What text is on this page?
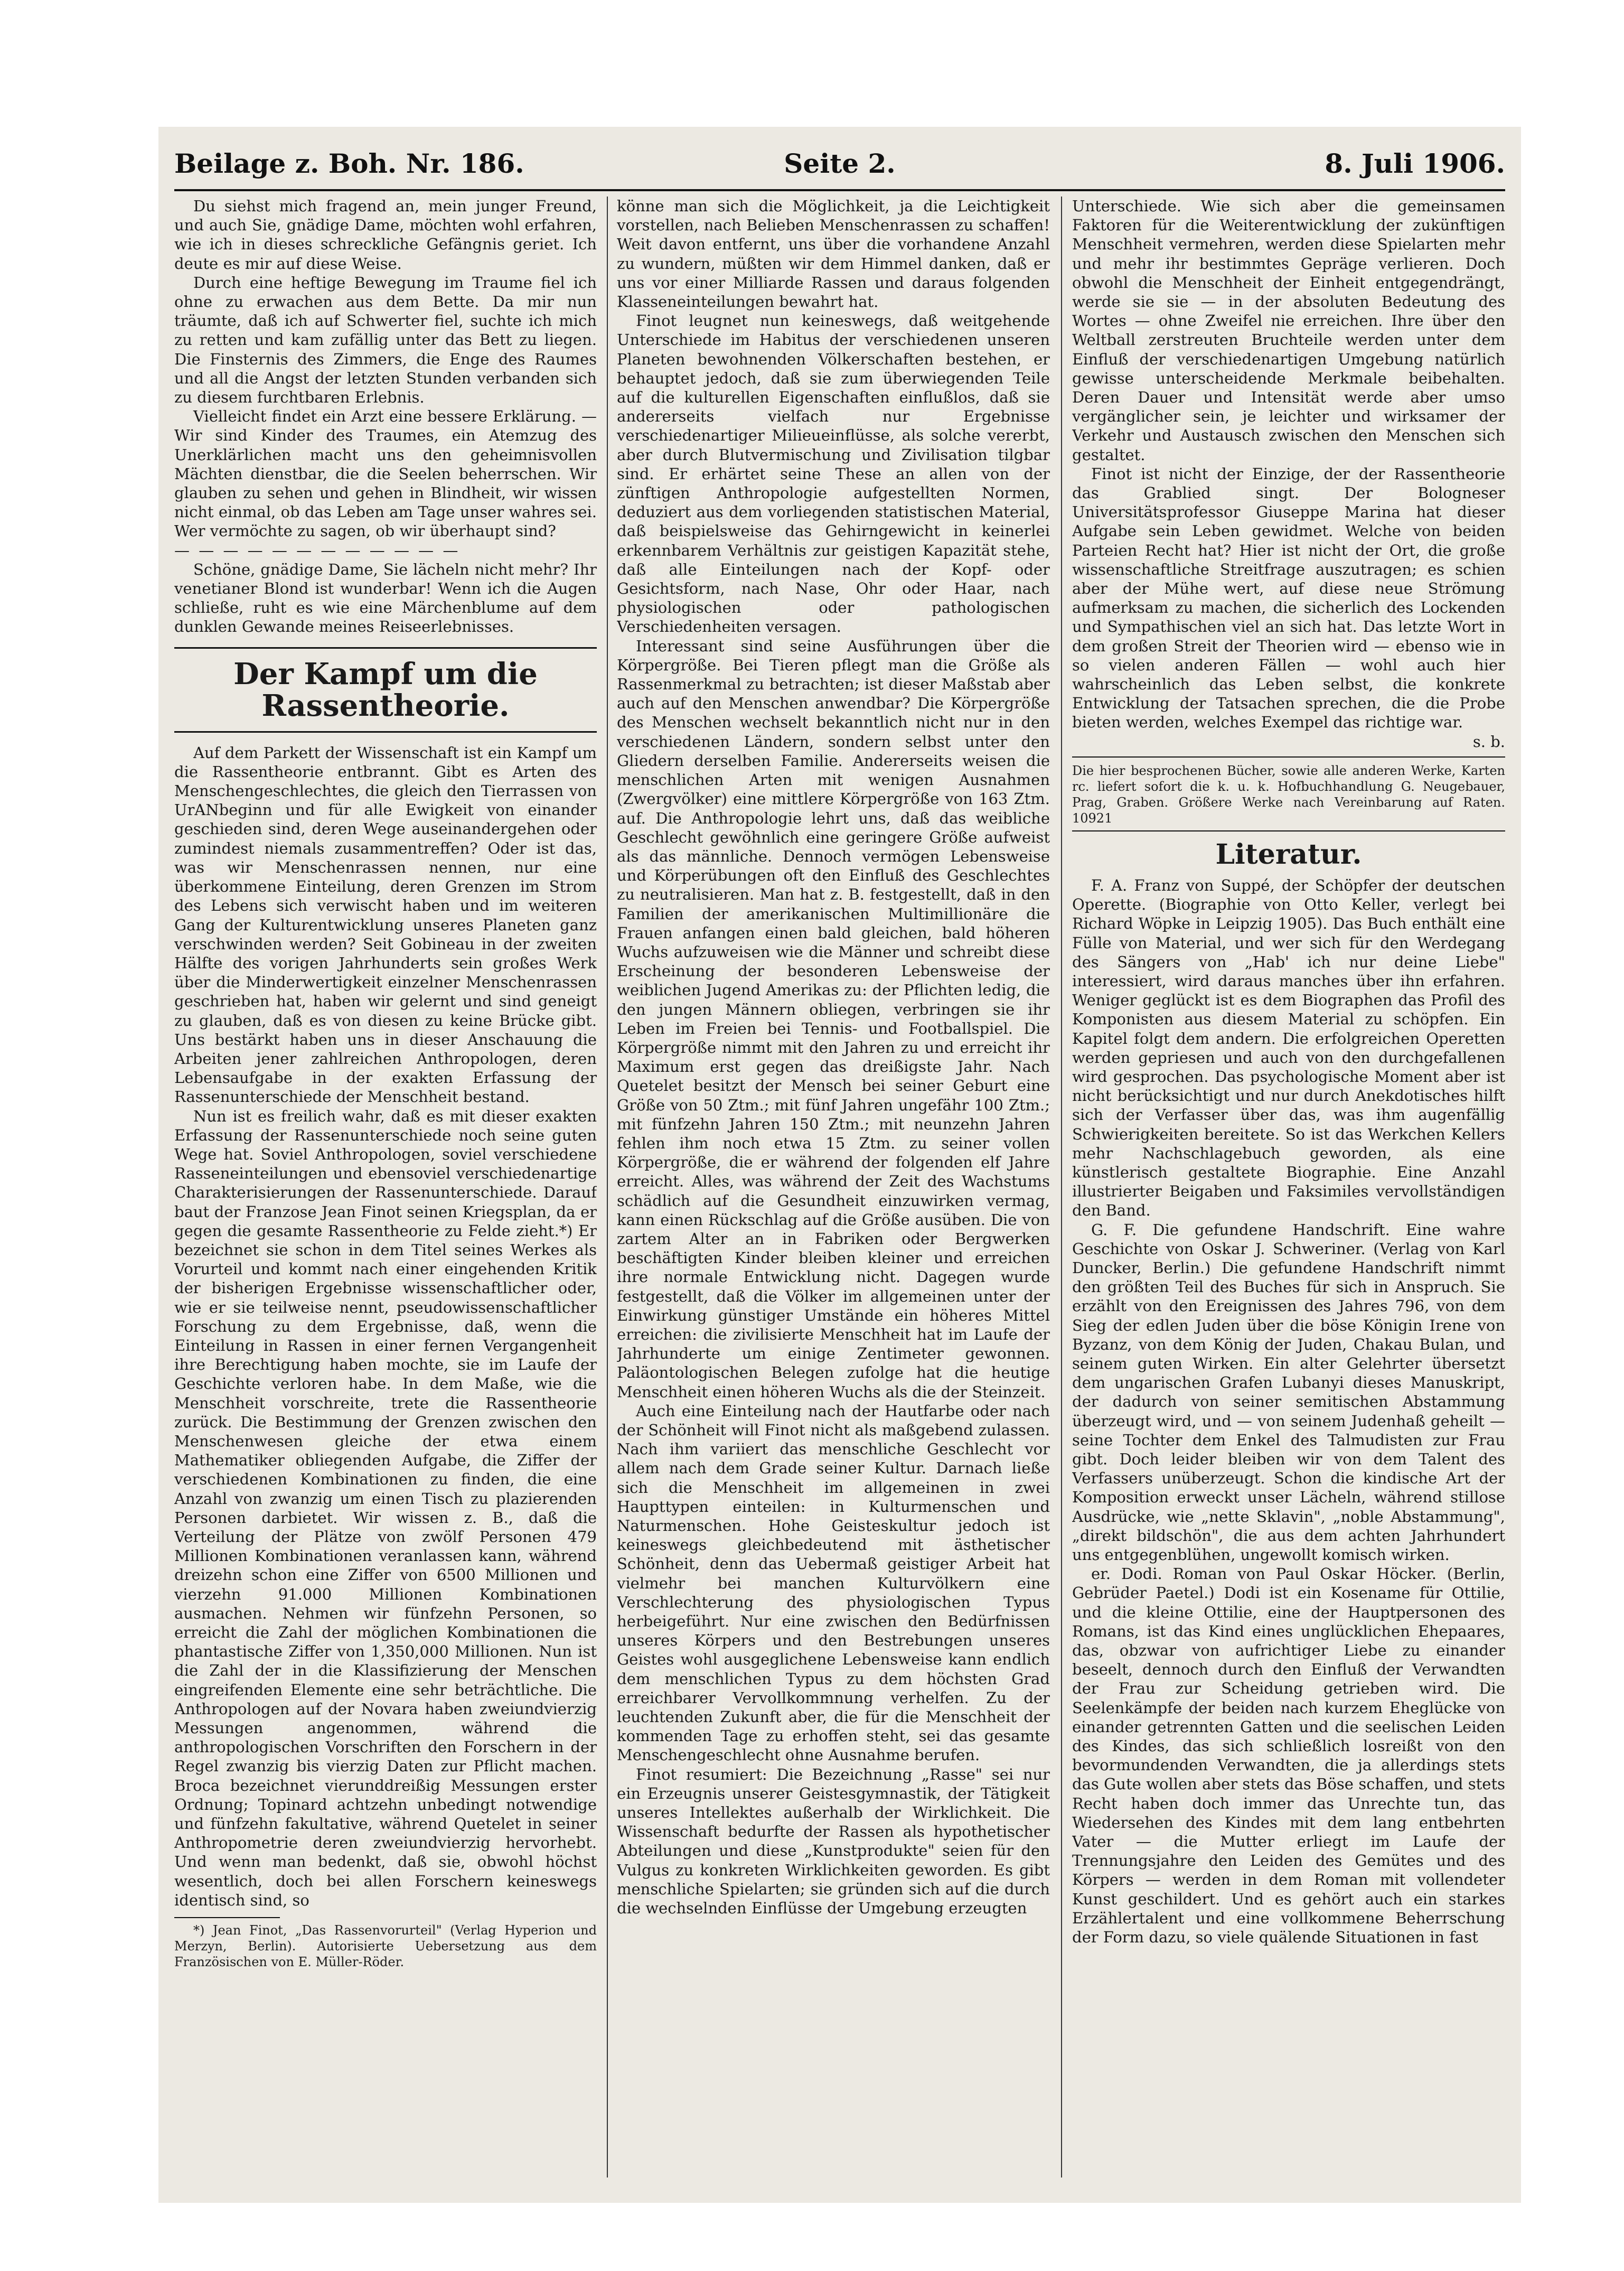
Beilage z. Boh. Nr. 186.	Seite 2.	8. Juli 1906.

Du siehst mich fragend an, mein junger Freund, und auch Sie, gnädige Dame, möchten wohl erfahren, wie ich in dieses schreckliche Gefängnis geriet. Ich deute es mir auf diese Weise.

Durch eine heftige Bewegung im Traume fiel ich ohne zu erwachen aus dem Bette. Da mir nun träumte, daß ich auf Schwerter fiel, suchte ich mich zu retten und kam zufällig unter das Bett zu liegen. Die Finsternis des Zimmers, die Enge des Raumes und all die Angst der letzten Stunden verbanden sich zu diesem furchtbaren Erlebnis.

Vielleicht findet ein Arzt eine bessere Erklärung. — Wir sind Kinder des Traumes, ein Atemzug des Unerklärlichen macht uns den geheimnisvollen Mächten dienstbar, die die Seelen beherrschen. Wir glauben zu sehen und gehen in Blindheit, wir wissen nicht einmal, ob das Leben am Tage unser wahres sei. Wer vermöchte zu sagen, ob wir überhaupt sind?

— — — — — — — — — — — —

Schöne, gnädige Dame, Sie lächeln nicht mehr? Ihr venetianer Blond ist wunderbar! Wenn ich die Augen schließe, ruht es wie eine Märchenblume auf dem dunklen Gewande meines Reiseerlebnisses.

Der Kampf um die Rassentheorie.

Auf dem Parkett der Wissenschaft ist ein Kampf um die Rassentheorie entbrannt. Gibt es Arten des Menschengeschlechtes, die gleich den Tierrassen von UrANbeginn und für alle Ewigkeit von einander geschieden sind, deren Wege auseinandergehen oder zumindest niemals zusammentreffen? Oder ist das, was wir Menschenrassen nennen, nur eine überkommene Einteilung, deren Grenzen im Strom des Lebens sich verwischt haben und im weiteren Gang der Kulturentwicklung unseres Planeten ganz verschwinden werden? Seit Gobineau in der zweiten Hälfte des vorigen Jahrhunderts sein großes Werk über die Minderwertigkeit einzelner Menschenrassen geschrieben hat, haben wir gelernt und sind geneigt zu glauben, daß es von diesen zu keine Brücke gibt. Uns bestärkt haben uns in dieser Anschauung die Arbeiten jener zahlreichen Anthropologen, deren Lebensaufgabe in der exakten Erfassung der Rassenunterschiede der Menschheit bestand.

Nun ist es freilich wahr, daß es mit dieser exakten Erfassung der Rassenunterschiede noch seine guten Wege hat. Soviel Anthropologen, soviel verschiedene Rasseneinteilungen und ebensoviel verschiedenartige Charakterisierungen der Rassenunterschiede. Darauf baut der Franzose Jean Finot seinen Kriegsplan, da er gegen die gesamte Rassentheorie zu Felde zieht.*) Er bezeichnet sie schon in dem Titel seines Werkes als Vorurteil und kommt nach einer eingehenden Kritik der bisherigen Ergebnisse wissenschaftlicher oder, wie er sie teilweise nennt, pseudowissenschaftlicher Forschung zu dem Ergebnisse, daß, wenn die Einteilung in Rassen in einer fernen Vergangenheit ihre Berechtigung haben mochte, sie im Laufe der Geschichte verloren habe. In dem Maße, wie die Menschheit vorschreite, trete die Rassentheorie zurück. Die Bestimmung der Grenzen zwischen den Menschenwesen gleiche der etwa einem Mathematiker obliegenden Aufgabe, die Ziffer der verschiedenen Kombinationen zu finden, die eine Anzahl von zwanzig um einen Tisch zu plazierenden Personen darbietet. Wir wissen z. B., daß die Verteilung der Plätze von zwölf Personen 479 Millionen Kombinationen veranlassen kann, während dreizehn schon eine Ziffer von 6500 Millionen und vierzehn 91.000 Millionen Kombinationen ausmachen. Nehmen wir fünfzehn Personen, so erreicht die Zahl der möglichen Kombinationen die phantastische Ziffer von 1,350,000 Millionen. Nun ist die Zahl der in die Klassifizierung der Menschen eingreifenden Elemente eine sehr beträchtliche. Die Anthropologen auf der Novara haben zweiundvierzig Messungen angenommen, während die anthropologischen Vorschriften den Forschern in der Regel zwanzig bis vierzig Daten zur Pflicht machen. Broca bezeichnet vierunddreißig Messungen erster Ordnung; Topinard achtzehn unbedingt notwendige und fünfzehn fakultative, während Quetelet in seiner Anthropometrie deren zweiundvierzig hervorhebt. Und wenn man bedenkt, daß sie, obwohl höchst wesentlich, doch bei allen Forschern keineswegs identisch sind, so

*) Jean Finot, „Das Rassenvorurteil" (Verlag Hyperion und Merzyn, Berlin). Autorisierte Uebersetzung aus dem Französischen von E. Müller-Röder.

könne man sich die Möglichkeit, ja die Leichtigkeit vorstellen, nach Belieben Menschenrassen zu schaffen! Weit davon entfernt, uns über die vorhandene Anzahl zu wundern, müßten wir dem Himmel danken, daß er uns vor einer Milliarde Rassen und daraus folgenden Klasseneinteilungen bewahrt hat.

Finot leugnet nun keineswegs, daß weitgehende Unterschiede im Habitus der verschiedenen unseren Planeten bewohnenden Völkerschaften bestehen, er behauptet jedoch, daß sie zum überwiegenden Teile auf die kulturellen Eigenschaften einflußlos, daß sie andererseits vielfach nur Ergebnisse verschiedenartiger Milieueinflüsse, als solche vererbt, aber durch Blutvermischung und Zivilisation tilgbar sind. Er erhärtet seine These an allen von der zünftigen Anthropologie aufgestellten Normen, deduziert aus dem vorliegenden statistischen Material, daß beispielsweise das Gehirngewicht in keinerlei erkennbarem Verhältnis zur geistigen Kapazität stehe, daß alle Einteilungen nach der Kopf- oder Gesichtsform, nach Nase, Ohr oder Haar, nach physiologischen oder pathologischen Verschiedenheiten versagen.

Interessant sind seine Ausführungen über die Körpergröße. Bei Tieren pflegt man die Größe als Rassenmerkmal zu betrachten; ist dieser Maßstab aber auch auf den Menschen anwendbar? Die Körpergröße des Menschen wechselt bekanntlich nicht nur in den verschiedenen Ländern, sondern selbst unter den Gliedern derselben Familie. Andererseits weisen die menschlichen Arten mit wenigen Ausnahmen (Zwergvölker) eine mittlere Körpergröße von 163 Ztm. auf. Die Anthropologie lehrt uns, daß das weibliche Geschlecht gewöhnlich eine geringere Größe aufweist als das männliche. Dennoch vermögen Lebensweise und Körperübungen oft den Einfluß des Geschlechtes zu neutralisieren. Man hat z. B. festgestellt, daß in den Familien der amerikanischen Multimillionäre die Frauen anfangen einen bald gleichen, bald höheren Wuchs aufzuweisen wie die Männer und schreibt diese Erscheinung der besonderen Lebensweise der weiblichen Jugend Amerikas zu: der Pflichten ledig, die den jungen Männern obliegen, verbringen sie ihr Leben im Freien bei Tennis- und Footballspiel. Die Körpergröße nimmt mit den Jahren zu und erreicht ihr Maximum erst gegen das dreißigste Jahr. Nach Quetelet besitzt der Mensch bei seiner Geburt eine Größe von 50 Ztm.; mit fünf Jahren ungefähr 100 Ztm.; mit fünfzehn Jahren 150 Ztm.; mit neunzehn Jahren fehlen ihm noch etwa 15 Ztm. zu seiner vollen Körpergröße, die er während der folgenden elf Jahre erreicht. Alles, was während der Zeit des Wachstums schädlich auf die Gesundheit einzuwirken vermag, kann einen Rückschlag auf die Größe ausüben. Die von zartem Alter an in Fabriken oder Bergwerken beschäftigten Kinder bleiben kleiner und erreichen ihre normale Entwicklung nicht. Dagegen wurde festgestellt, daß die Völker im allgemeinen unter der Einwirkung günstiger Umstände ein höheres Mittel erreichen: die zivilisierte Menschheit hat im Laufe der Jahrhunderte um einige Zentimeter gewonnen. Paläontologischen Belegen zufolge hat die heutige Menschheit einen höheren Wuchs als die der Steinzeit.

Auch eine Einteilung nach der Hautfarbe oder nach der Schönheit will Finot nicht als maßgebend zulassen. Nach ihm variiert das menschliche Geschlecht vor allem nach dem Grade seiner Kultur. Darnach ließe sich die Menschheit im allgemeinen in zwei Haupttypen einteilen: in Kulturmenschen und Naturmenschen. Hohe Geisteskultur jedoch ist keineswegs gleichbedeutend mit ästhetischer Schönheit, denn das Uebermaß geistiger Arbeit hat vielmehr bei manchen Kulturvölkern eine Verschlechterung des physiologischen Typus herbeigeführt. Nur eine zwischen den Bedürfnissen unseres Körpers und den Bestrebungen unseres Geistes wohl ausgeglichene Lebensweise kann endlich dem menschlichen Typus zu dem höchsten Grad erreichbarer Vervollkommnung verhelfen. Zu der leuchtenden Zukunft aber, die für die Menschheit der kommenden Tage zu erhoffen steht, sei das gesamte Menschengeschlecht ohne Ausnahme berufen.

Finot resumiert: Die Bezeichnung „Rasse" sei nur ein Erzeugnis unserer Geistesgymnastik, der Tätigkeit unseres Intellektes außerhalb der Wirklichkeit. Die Wissenschaft bedurfte der Rassen als hypothetischer Abteilungen und diese „Kunstprodukte" seien für den Vulgus zu konkreten Wirklichkeiten geworden. Es gibt menschliche Spielarten; sie gründen sich auf die durch die wechselnden Einflüsse der Umgebung erzeugten

Unterschiede. Wie sich aber die gemeinsamen Faktoren für die Weiterentwicklung der zukünftigen Menschheit vermehren, werden diese Spielarten mehr und mehr ihr bestimmtes Gepräge verlieren. Doch obwohl die Menschheit der Einheit entgegendrängt, werde sie sie — in der absoluten Bedeutung des Wortes — ohne Zweifel nie erreichen. Ihre über den Weltball zerstreuten Bruchteile werden unter dem Einfluß der verschiedenartigen Umgebung natürlich gewisse unterscheidende Merkmale beibehalten. Deren Dauer und Intensität werde aber umso vergänglicher sein, je leichter und wirksamer der Verkehr und Austausch zwischen den Menschen sich gestaltet.

Finot ist nicht der Einzige, der der Rassentheorie das Grablied singt. Der Bologneser Universitätsprofessor Giuseppe Marina hat dieser Aufgabe sein Leben gewidmet. Welche von beiden Parteien Recht hat? Hier ist nicht der Ort, die große wissenschaftliche Streitfrage auszutragen; es schien aber der Mühe wert, auf diese neue Strömung aufmerksam zu machen, die sicherlich des Lockenden und Sympathischen viel an sich hat. Das letzte Wort in dem großen Streit der Theorien wird — ebenso wie in so vielen anderen Fällen — wohl auch hier wahrscheinlich das Leben selbst, die konkrete Entwicklung der Tatsachen sprechen, die die Probe bieten werden, welches Exempel das richtige war.

s. b.

Die hier besprochenen Bücher, sowie alle anderen Werke, Karten rc. liefert sofort die k. u. k. Hofbuchhandlung G. Neugebauer, Prag, Graben. Größere Werke nach Vereinbarung auf Raten. 10921

Literatur.

F. A. Franz von Suppé, der Schöpfer der deutschen Operette. (Biographie von Otto Keller, verlegt bei Richard Wöpke in Leipzig 1905). Das Buch enthält eine Fülle von Material, und wer sich für den Werdegang des Sängers von „Hab' ich nur deine Liebe" interessiert, wird daraus manches über ihn erfahren. Weniger geglückt ist es dem Biographen das Profil des Komponisten aus diesem Material zu schöpfen. Ein Kapitel folgt dem andern. Die erfolgreichen Operetten werden gepriesen und auch von den durchgefallenen wird gesprochen. Das psychologische Moment aber ist nicht berücksichtigt und nur durch Anekdotisches hilft sich der Verfasser über das, was ihm augenfällig Schwierigkeiten bereitete. So ist das Werkchen Kellers mehr Nachschlagebuch geworden, als eine künstlerisch gestaltete Biographie. Eine Anzahl illustrierter Beigaben und Faksimiles vervollständigen den Band.

G. F. Die gefundene Handschrift. Eine wahre Geschichte von Oskar J. Schweriner. (Verlag von Karl Duncker, Berlin.) Die gefundene Handschrift nimmt den größten Teil des Buches für sich in Anspruch. Sie erzählt von den Ereignissen des Jahres 796, von dem Sieg der edlen Juden über die böse Königin Irene von Byzanz, von dem König der Juden, Chakau Bulan, und seinem guten Wirken. Ein alter Gelehrter übersetzt dem ungarischen Grafen Lubanyi dieses Manuskript, der dadurch von seiner semitischen Abstammung überzeugt wird, und — von seinem Judenhaß geheilt — seine Tochter dem Enkel des Talmudisten zur Frau gibt. Doch leider bleiben wir von dem Talent des Verfassers unüberzeugt. Schon die kindische Art der Komposition erweckt unser Lächeln, während stillose Ausdrücke, wie „nette Sklavin", „noble Abstammung", „direkt bildschön", die aus dem achten Jahrhundert uns entgegenblühen, ungewollt komisch wirken.

er. Dodi. Roman von Paul Oskar Höcker. (Berlin, Gebrüder Paetel.) Dodi ist ein Kosename für Ottilie, und die kleine Ottilie, eine der Hauptpersonen des Romans, ist das Kind eines unglücklichen Ehepaares, das, obzwar von aufrichtiger Liebe zu einander beseelt, dennoch durch den Einfluß der Verwandten der Frau zur Scheidung getrieben wird. Die Seelenkämpfe der beiden nach kurzem Eheglücke von einander getrennten Gatten und die seelischen Leiden des Kindes, das sich schließlich losreißt von den bevormundenden Verwandten, die ja allerdings stets das Gute wollen aber stets das Böse schaffen, und stets Recht haben doch immer das Unrechte tun, das Wiedersehen des Kindes mit dem lang entbehrten Vater — die Mutter erliegt im Laufe der Trennungsjahre den Leiden des Gemütes und des Körpers — werden in dem Roman mit vollendeter Kunst geschildert. Und es gehört auch ein starkes Erzählertalent und eine vollkommene Beherrschung der Form dazu, so viele quälende Situationen in fast
